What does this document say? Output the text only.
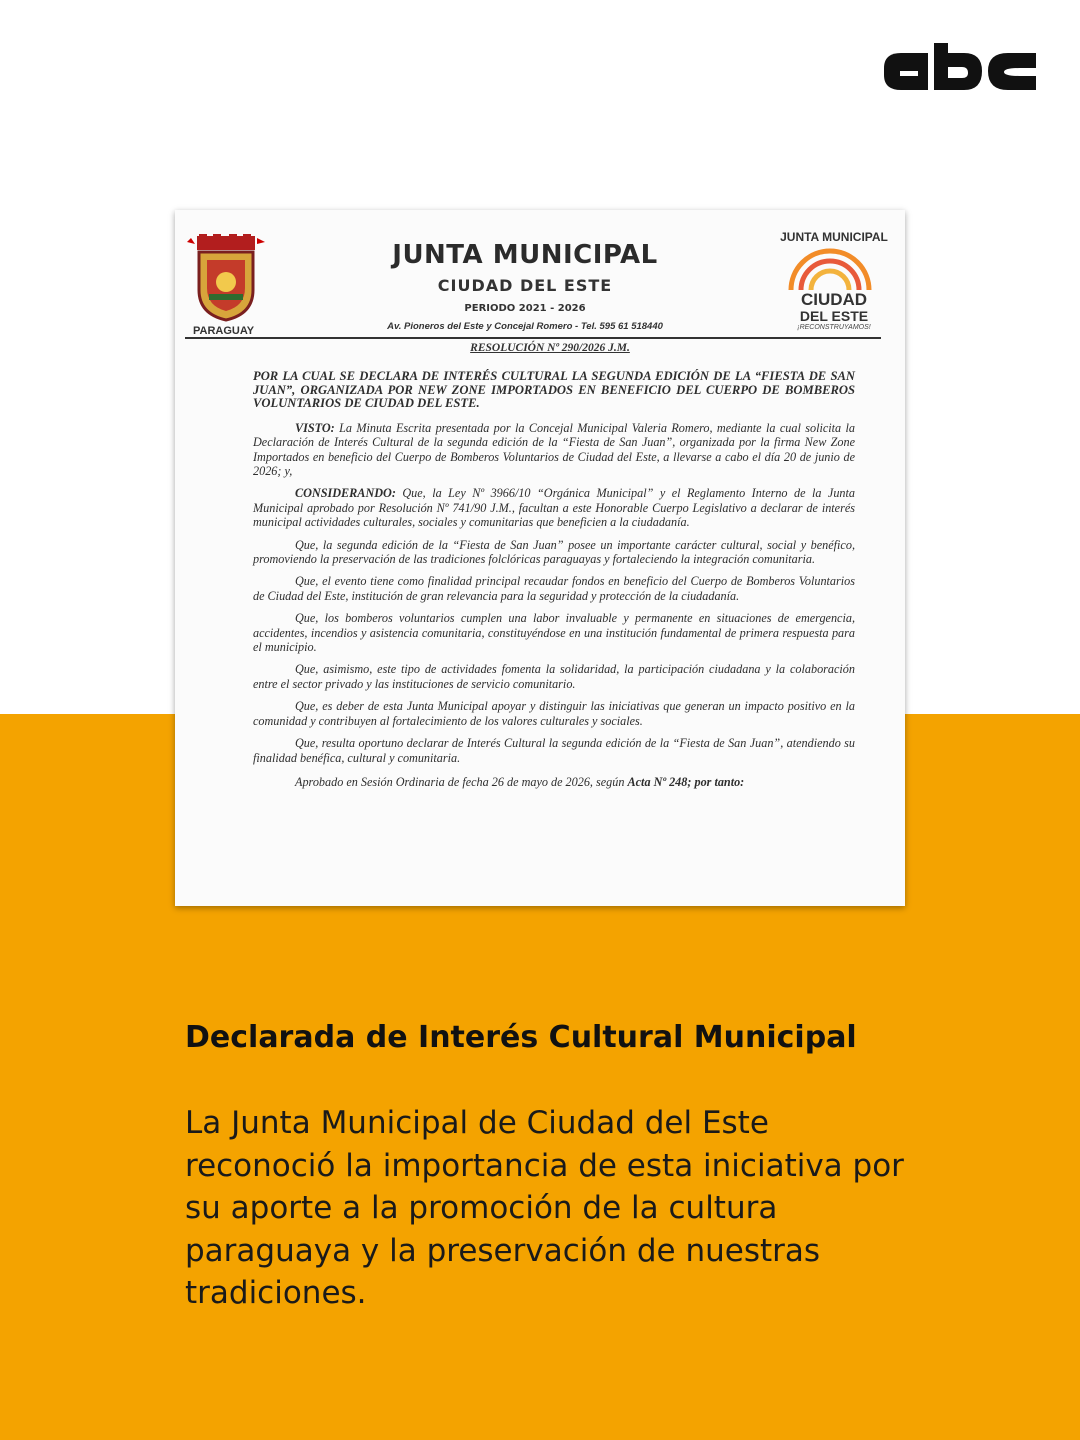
PARAGUAY
JUNTA MUNICIPAL
CIUDAD
DEL ESTE
¡RECONSTRUYAMOS!
JUNTA MUNICIPAL
CIUDAD DEL ESTE
PERIODO 2021 - 2026
Av. Pioneros del Este y Concejal Romero - Tel. 595 61 518440
RESOLUCIÓN Nº 290/2026 J.M.
POR LA CUAL SE DECLARA DE INTERÉS CULTURAL LA SEGUNDA EDICIÓN DE LA “FIESTA DE SAN JUAN”, ORGANIZADA POR NEW ZONE IMPORTADOS EN BENEFICIO DEL CUERPO DE BOMBEROS VOLUNTARIOS DE CIUDAD DEL ESTE.

VISTO: La Minuta Escrita presentada por la Concejal Municipal Valeria Romero, mediante la cual solicita la Declaración de Interés Cultural de la segunda edición de la “Fiesta de San Juan”, organizada por la firma New Zone Importados en beneficio del Cuerpo de Bomberos Voluntarios de Ciudad del Este, a llevarse a cabo el día 20 de junio de 2026; y,

CONSIDERANDO: Que, la Ley Nº 3966/10 “Orgánica Municipal” y el Reglamento Interno de la Junta Municipal aprobado por Resolución Nº 741/90 J.M., facultan a este Honorable Cuerpo Legislativo a declarar de interés municipal actividades culturales, sociales y comunitarias que beneficien a la ciudadanía.

Que, la segunda edición de la “Fiesta de San Juan” posee un importante carácter cultural, social y benéfico, promoviendo la preservación de las tradiciones folclóricas paraguayas y fortaleciendo la integración comunitaria.

Que, el evento tiene como finalidad principal recaudar fondos en beneficio del Cuerpo de Bomberos Voluntarios de Ciudad del Este, institución de gran relevancia para la seguridad y protección de la ciudadanía.

Que, los bomberos voluntarios cumplen una labor invaluable y permanente en situaciones de emergencia, accidentes, incendios y asistencia comunitaria, constituyéndose en una institución fundamental de primera respuesta para el municipio.

Que, asimismo, este tipo de actividades fomenta la solidaridad, la participación ciudadana y la colaboración entre el sector privado y las instituciones de servicio comunitario.

Que, es deber de esta Junta Municipal apoyar y distinguir las iniciativas que generan un impacto positivo en la comunidad y contribuyen al fortalecimiento de los valores culturales y sociales.

Que, resulta oportuno declarar de Interés Cultural la segunda edición de la “Fiesta de San Juan”, atendiendo su finalidad benéfica, cultural y comunitaria.

Aprobado en Sesión Ordinaria de fecha 26 de mayo de 2026, según Acta Nº 248; por tanto:

Declarada de Interés Cultural Municipal

La Junta Municipal de Ciudad del Este reconoció la importancia de esta iniciativa por su aporte a la promoción de la cultura paraguaya y la preservación de nuestras tradiciones.
